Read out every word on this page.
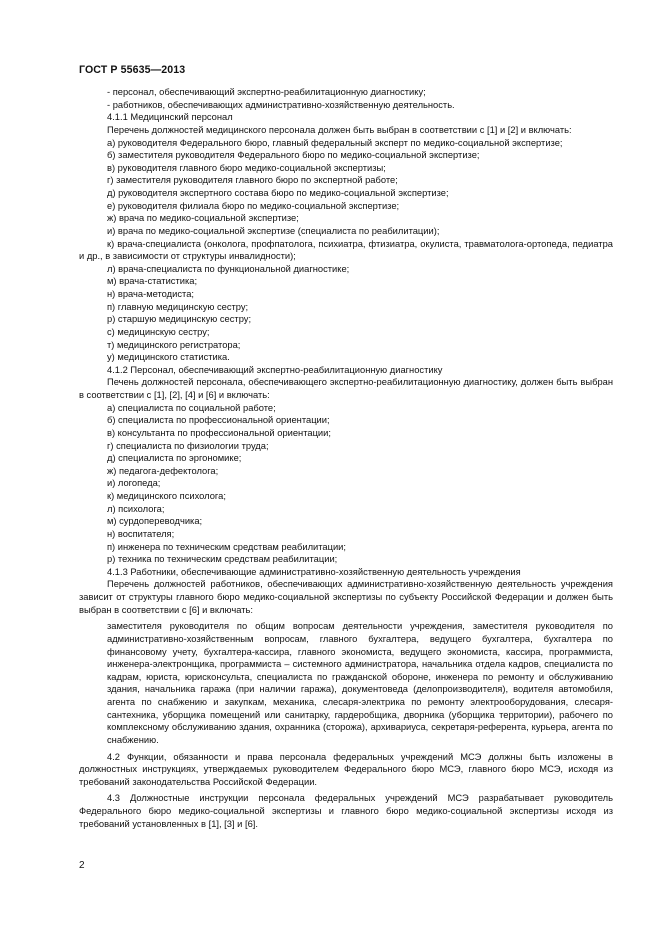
ГОСТ Р 55635—2013

- персонал, обеспечивающий экспертно-реабилитационную диагностику;

- работников, обеспечивающих административно-хозяйственную деятельность.

4.1.1 Медицинский персонал

Перечень должностей медицинского персонала должен быть выбран в соответствии с [1] и [2] и включать:

а) руководителя Федерального бюро, главный федеральный эксперт по медико-социальной экспертизе;

б) заместителя руководителя Федерального бюро по медико-социальной экспертизе;

в) руководителя главного бюро медико-социальной экспертизы;

г) заместителя руководителя главного бюро по экспертной работе;

д) руководителя экспертного состава бюро по медико-социальной экспертизе;

е) руководителя филиала бюро по медико-социальной экспертизе;

ж) врача по медико-социальной экспертизе;

и) врача по медико-социальной экспертизе (специалиста по реабилитации);

к) врача-специалиста (онколога, профпатолога, психиатра, фтизиатра, окулиста, травматолога-ортопеда, педиатра и др., в зависимости от структуры инвалидности);

л) врача-специалиста по функциональной диагностике;

м) врача-статистика;

н) врача-методиста;

п) главную медицинскую сестру;

р) старшую медицинскую сестру;

с) медицинскую сестру;

т) медицинского регистратора;

у) медицинского статистика.

4.1.2 Персонал, обеспечивающий экспертно-реабилитационную диагностику

Печень должностей персонала, обеспечивающего экспертно-реабилитационную диагностику, должен быть выбран в соответствии с [1], [2], [4] и [6] и включать:

а) специалиста по социальной работе;

б) специалиста по профессиональной ориентации;

в) консультанта по профессиональной ориентации;

г) специалиста по физиологии труда;

д) специалиста по эргономике;

ж) педагога-дефектолога;

и) логопеда;

к) медицинского психолога;

л) психолога;

м) сурдопереводчика;

н) воспитателя;

п) инженера по техническим средствам реабилитации;

р) техника по техническим средствам реабилитации;

4.1.3 Работники, обеспечивающие административно-хозяйственную деятельность учреждения

Перечень должностей работников, обеспечивающих административно-хозяйственную деятельность учреждения зависит от структуры главного бюро медико-социальной экспертизы по субъекту Российской Федерации и должен быть выбран в соответствии с [6] и включать:

заместителя руководителя по общим вопросам деятельности учреждения, заместителя руководителя по административно-хозяйственным вопросам, главного бухгалтера, ведущего бухгалтера, бухгалтера по финансовому учету, бухгалтера-кассира, главного экономиста, ведущего экономиста, кассира, программиста, инженера-электронщика, программиста – системного администратора, начальника отдела кадров, специалиста по кадрам, юриста, юрисконсульта, специалиста по гражданской обороне, инженера по ремонту и обслуживанию здания, начальника гаража (при наличии гаража), документоведа (делопроизводителя), водителя автомобиля, агента по снабжению и закупкам, механика, слесаря-электрика по ремонту электрооборудования, слесаря-сантехника, уборщика помещений или санитарку, гардеробщика, дворника (уборщика территории), рабочего по комплексному обслуживанию здания, охранника (сторожа), архивариуса, секретаря-референта, курьера, агента по снабжению.

4.2 Функции, обязанности и права персонала федеральных учреждений МСЭ должны быть изложены в должностных инструкциях, утверждаемых руководителем Федерального бюро МСЭ, главного бюро МСЭ, исходя из требований законодательства Российской Федерации.

4.3 Должностные инструкции персонала федеральных учреждений МСЭ разрабатывает руководитель Федерального бюро медико-социальной экспертизы и главного бюро медико-социальной экспертизы исходя из требований установленных в [1], [3] и [6].

2
